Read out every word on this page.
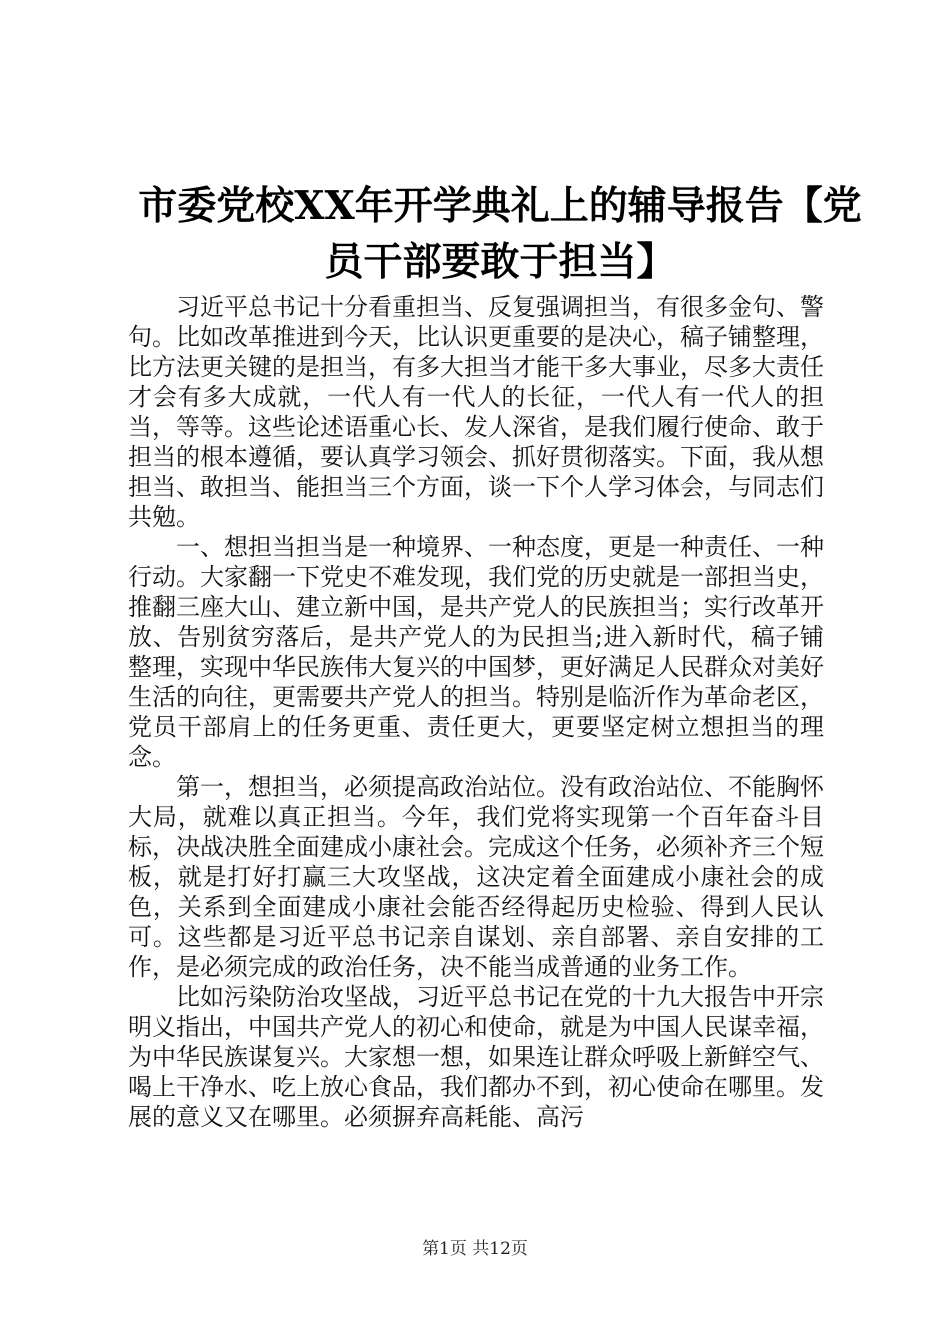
市委党校XX年开学典礼上的辅导报告【党员干部要敢于担当】

习近平总书记十分看重担当、反复强调担当，有很多金句、警句。比如改革推进到今天，比认识更重要的是决心，稿子铺整理，比方法更关键的是担当，有多大担当才能干多大事业，尽多大责任才会有多大成就，一代人有一代人的长征，一代人有一代人的担当，等等。这些论述语重心长、发人深省，是我们履行使命、敢于担当的根本遵循，要认真学习领会、抓好贯彻落实。下面，我从想担当、敢担当、能担当三个方面，谈一下个人学习体会，与同志们共勉。

一、想担当担当是一种境界、一种态度，更是一种责任、一种行动。大家翻一下党史不难发现，我们党的历史就是一部担当史，推翻三座大山、建立新中国，是共产党人的民族担当；实行改革开放、告别贫穷落后，是共产党人的为民担当;进入新时代，稿子铺整理，实现中华民族伟大复兴的中国梦，更好满足人民群众对美好生活的向往，更需要共产党人的担当。特别是临沂作为革命老区，党员干部肩上的任务更重、责任更大，更要坚定树立想担当的理念。

第一，想担当，必须提高政治站位。没有政治站位、不能胸怀大局，就难以真正担当。今年，我们党将实现第一个百年奋斗目标，决战决胜全面建成小康社会。完成这个任务，必须补齐三个短板，就是打好打赢三大攻坚战，这决定着全面建成小康社会的成色，关系到全面建成小康社会能否经得起历史检验、得到人民认可。这些都是习近平总书记亲自谋划、亲自部署、亲自安排的工作，是必须完成的政治任务，决不能当成普通的业务工作。

比如污染防治攻坚战，习近平总书记在党的十九大报告中开宗明义指出，中国共产党人的初心和使命，就是为中国人民谋幸福，为中华民族谋复兴。大家想一想，如果连让群众呼吸上新鲜空气、喝上干净水、吃上放心食品，我们都办不到，初心使命在哪里。发展的意义又在哪里。必须摒弃高耗能、高污

第1页 共12页
